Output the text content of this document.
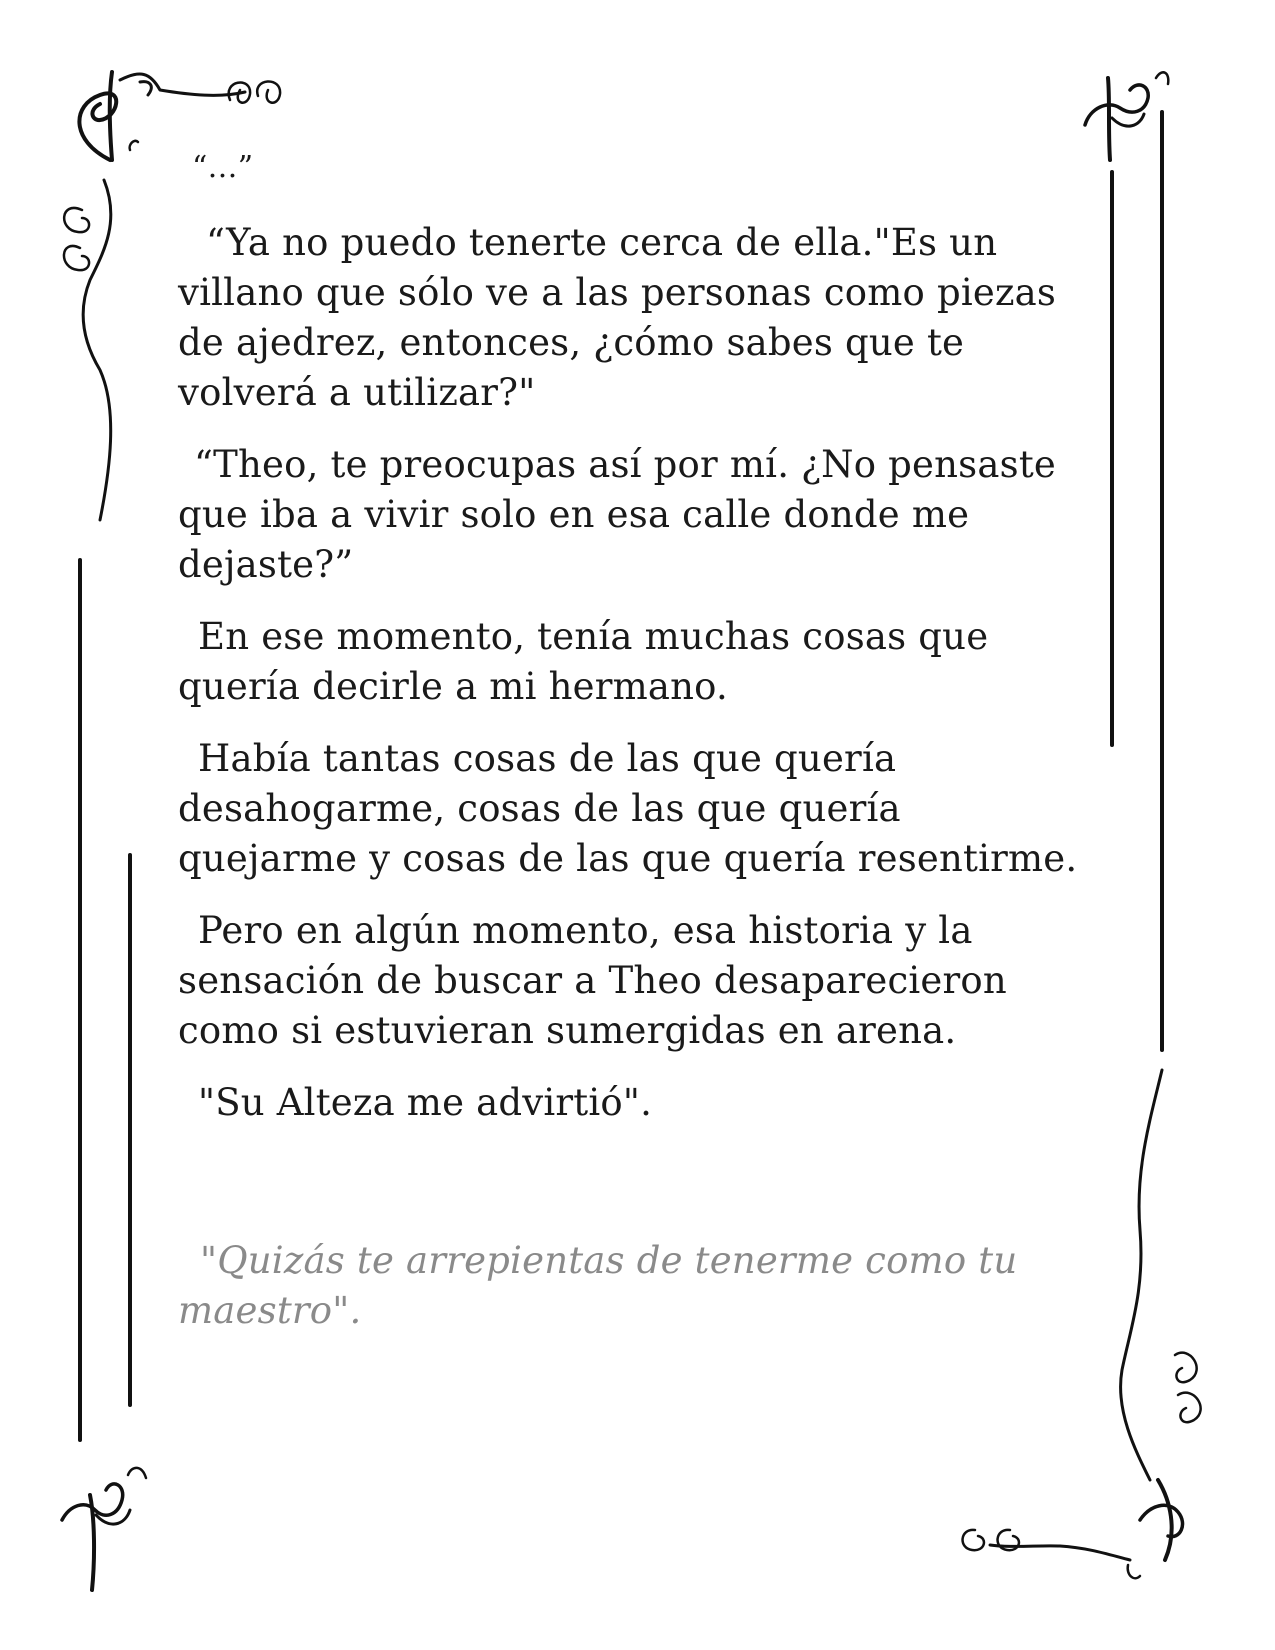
“…”

“Ya no puedo tenerte cerca de ella."Es un villano que sólo ve a las personas como piezas de ajedrez, entonces, ¿cómo sabes que te volverá a utilizar?"

“Theo, te preocupas así por mí. ¿No pensaste que iba a vivir solo en esa calle donde me dejaste?”

En ese momento, tenía muchas cosas que quería decirle a mi hermano.

Había tantas cosas de las que quería desahogarme, cosas de las que quería quejarme y cosas de las que quería resentirme.

Pero en algún momento, esa historia y la sensación de buscar a Theo desaparecieron como si estuvieran sumergidas en arena.

"Su Alteza me advirtió".

"Quizás te arrepientas de tenerme como tu maestro".
